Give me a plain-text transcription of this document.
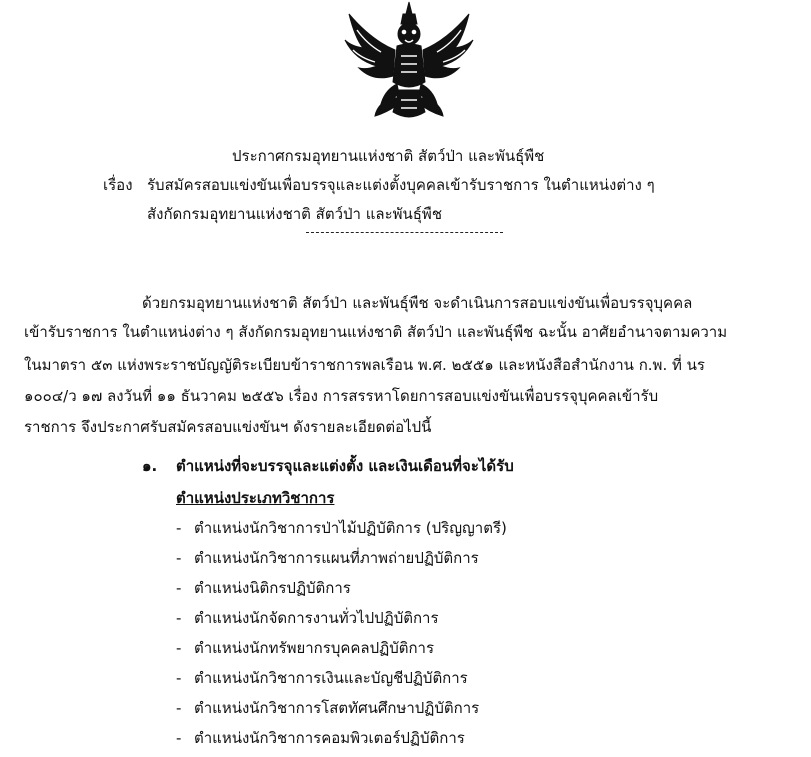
ประกาศกรมอุทยานแห่งชาติ สัตว์ป่า และพันธุ์พืช
เรื่อง รับสมัครสอบแข่งขันเพื่อบรรจุและแต่งตั้งบุคคลเข้ารับราชการ ในตำแหน่งต่าง ๆ
สังกัดกรมอุทยานแห่งชาติ สัตว์ป่า และพันธุ์พืช
ด้วยกรมอุทยานแห่งชาติ สัตว์ป่า และพันธุ์พืช จะดำเนินการสอบแข่งขันเพื่อบรรจุบุคคล
เข้ารับราชการ ในตำแหน่งต่าง ๆ สังกัดกรมอุทยานแห่งชาติ สัตว์ป่า และพันธุ์พืช ฉะนั้น อาศัยอำนาจตามความ
ในมาตรา ๕๓ แห่งพระราชบัญญัติระเบียบข้าราชการพลเรือน พ.ศ. ๒๕๕๑ และหนังสือสำนักงาน ก.พ. ที่ นร
๑๐๐๔/ว ๑๗ ลงวันที่ ๑๑ ธันวาคม ๒๕๕๖ เรื่อง การสรรหาโดยการสอบแข่งขันเพื่อบรรจุบุคคลเข้ารับ
ราชการ จึงประกาศรับสมัครสอบแข่งขันฯ ดังรายละเอียดต่อไปนี้
๑. ตำแหน่งที่จะบรรจุและแต่งตั้ง และเงินเดือนที่จะได้รับ
ตำแหน่งประเภทวิชาการ
- ตำแหน่งนักวิชาการป่าไม้ปฏิบัติการ (ปริญญาตรี)
- ตำแหน่งนักวิชาการแผนที่ภาพถ่ายปฏิบัติการ
- ตำแหน่งนิติกรปฏิบัติการ
- ตำแหน่งนักจัดการงานทั่วไปปฏิบัติการ
- ตำแหน่งนักทรัพยากรบุคคลปฏิบัติการ
- ตำแหน่งนักวิชาการเงินและบัญชีปฏิบัติการ
- ตำแหน่งนักวิชาการโสตทัศนศึกษาปฏิบัติการ
- ตำแหน่งนักวิชาการคอมพิวเตอร์ปฏิบัติการ
